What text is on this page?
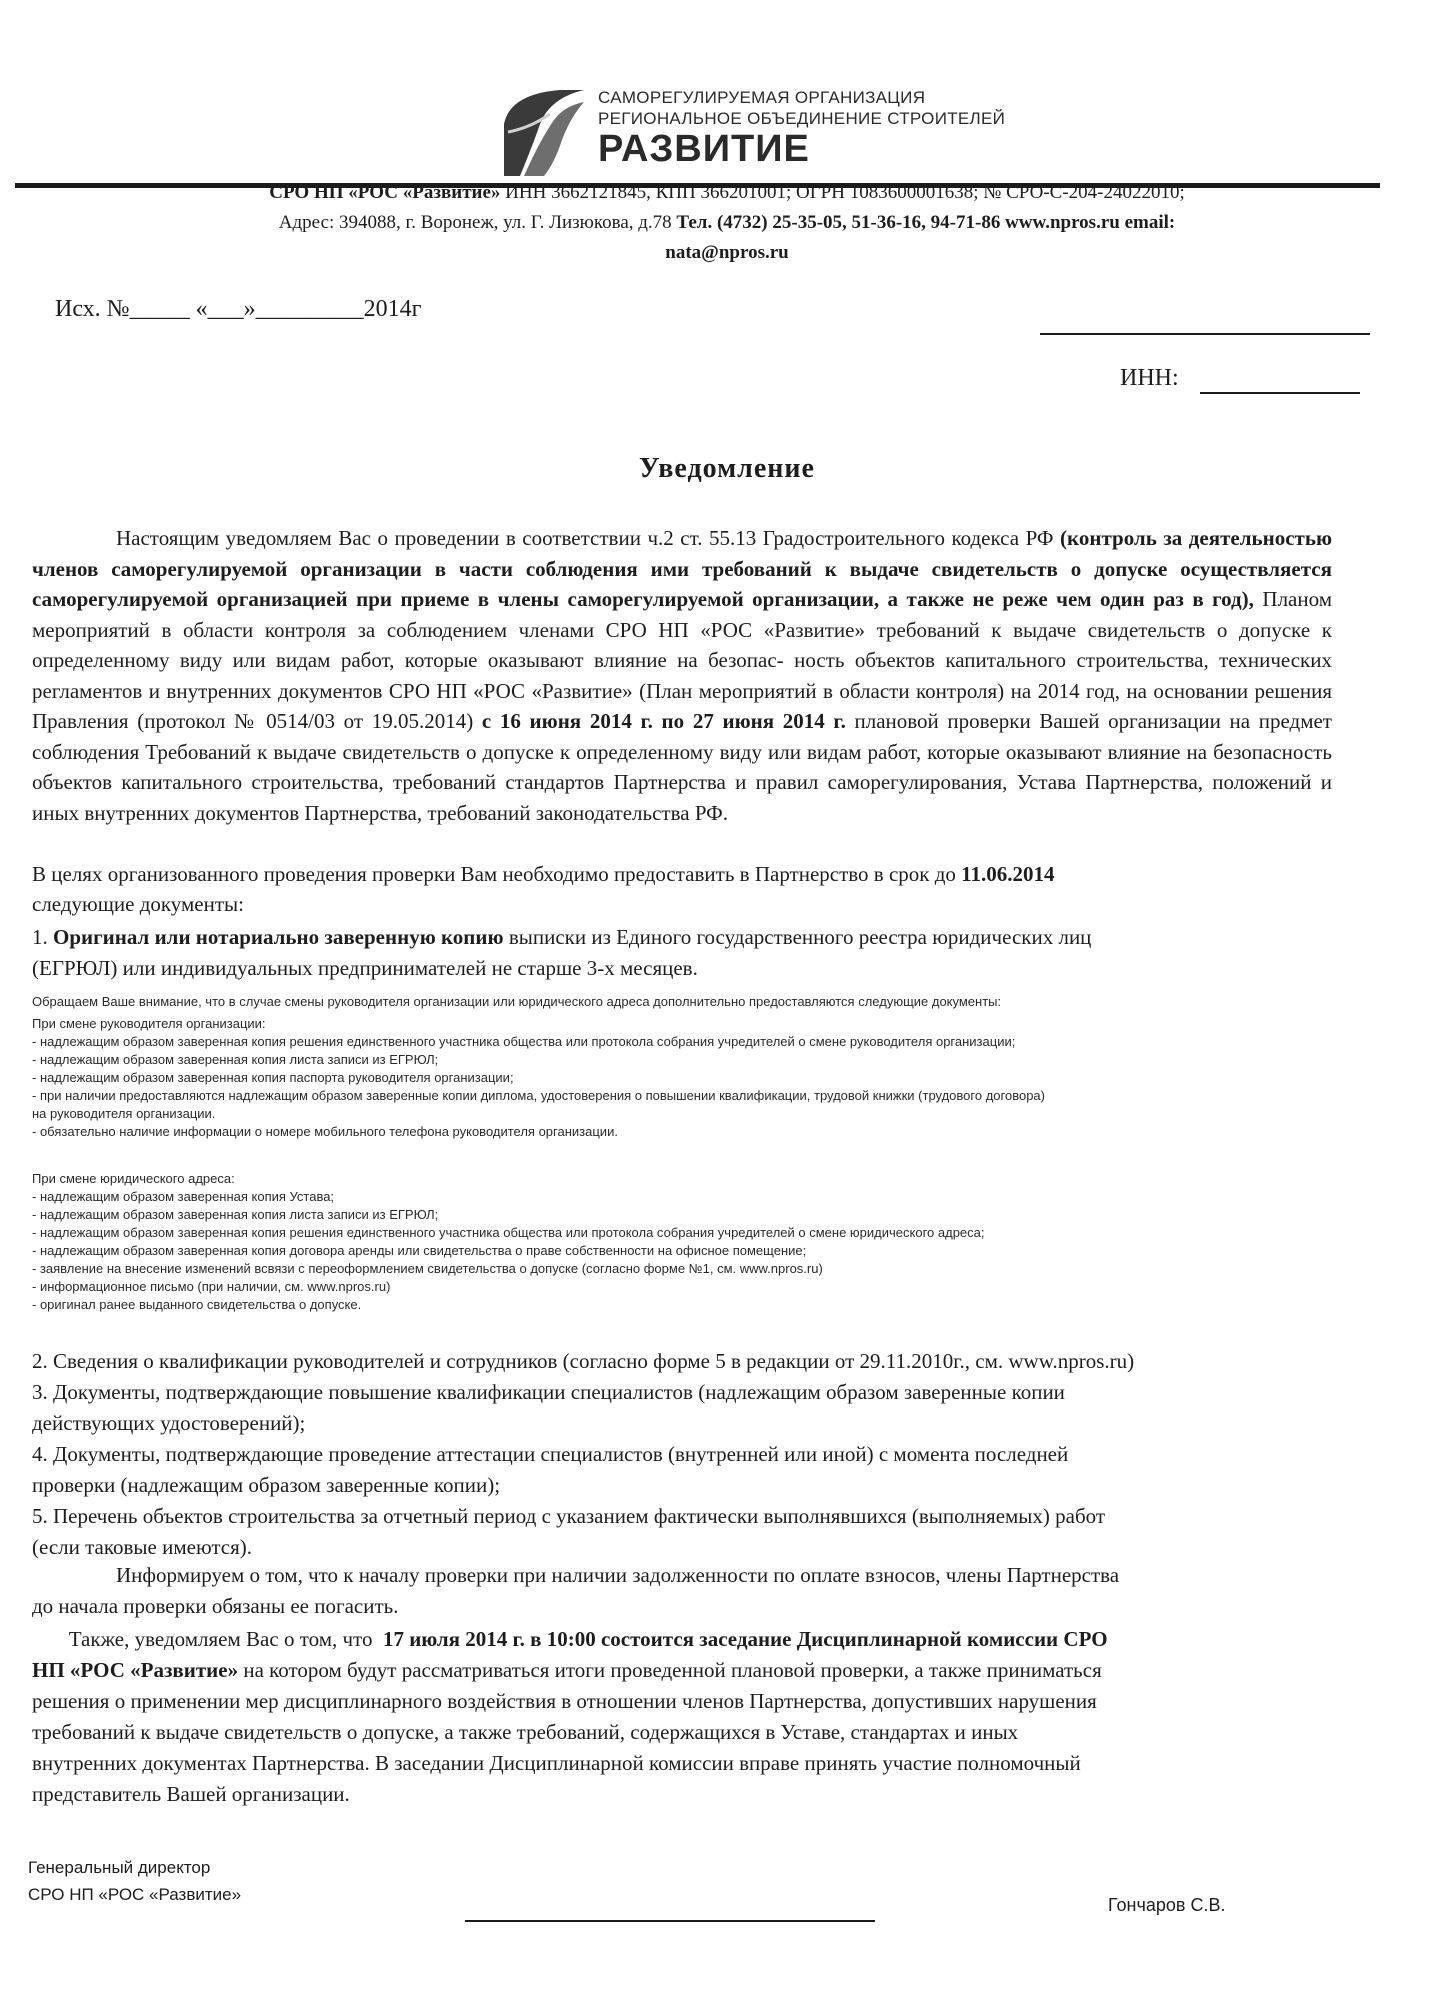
САМОРЕГУЛИРУЕМАЯ ОРГАНИЗАЦИЯ
РЕГИОНАЛЬНОЕ ОБЪЕДИНЕНИЕ СТРОИТЕЛЕЙ
РАЗВИТИЕ
СРО НП «РОС «Развитие» ИНН 3662121845, КПП 366201001; ОГРН 1083600001638; № СРО-С-204-24022010;
Адрес: 394088, г. Воронеж, ул. Г. Лизюкова, д.78 Тел. (4732) 25-35-05, 51-36-16, 94-71-86 www.npros.ru email:
nata@npros.ru
Исх. №_____ «___»_________2014г
ИНН:
Уведомление
Настоящим уведомляем Вас о проведении в соответствии ч.2 ст. 55.13 Градостроительного кодекса РФ (контроль за деятельностью членов саморегулируемой организации в части соблюдения ими требований к выдаче свидетельств о допуске осуществляется саморегулируемой организацией при приеме в члены саморегулируемой организации, а также не реже чем один раз в год), Планом мероприятий в области контроля за соблюдением членами СРО НП «РОС «Развитие» требований к выдаче свидетельств о допуске к определенному виду или видам работ, которые оказывают влияние на безопас- ность объектов капитального строительства, технических регламентов и внутренних документов СРО НП «РОС «Развитие» (План мероприятий в области контроля) на 2014 год, на основании решения Правления (протокол № 0514/03 от 19.05.2014) с 16 июня 2014 г. по 27 июня 2014 г. плановой проверки Вашей организации на предмет соблюдения Требований к выдаче свидетельств о допуске к определенному виду или видам работ, которые оказывают влияние на безопасность объектов капитального строительства, требований стандартов Партнерства и правил саморегулирования, Устава Партнерства, положений и иных внутренних документов Партнерства, требований законодательства РФ.
В целях организованного проведения проверки Вам необходимо предоставить в Партнерство в срок до 11.06.2014
следующие документы:
1. Оригинал или нотариально заверенную копию выписки из Единого государственного реестра юридических лиц
(ЕГРЮЛ) или индивидуальных предпринимателей не старше 3-х месяцев.
Обращаем Ваше внимание, что в случае смены руководителя организации или юридического адреса дополнительно предоставляются следующие документы:
При смене руководителя организации:
- надлежащим образом заверенная копия решения единственного участника общества или протокола собрания учредителей о смене руководителя организации;
- надлежащим образом заверенная копия листа записи из ЕГРЮЛ;
- надлежащим образом заверенная копия паспорта руководителя организации;
- при наличии предоставляются надлежащим образом заверенные копии диплома, удостоверения о повышении квалификации, трудовой книжки (трудового договора)
на руководителя организации.
- обязательно наличие информации о номере мобильного телефона руководителя организации.
При смене юридического адреса:
- надлежащим образом заверенная копия Устава;
- надлежащим образом заверенная копия листа записи из ЕГРЮЛ;
- надлежащим образом заверенная копия решения единственного участника общества или протокола собрания учредителей о смене юридического адреса;
- надлежащим образом заверенная копия договора аренды или свидетельства о праве собственности на офисное помещение;
- заявление на внесение изменений всвязи с переоформлением свидетельства о допуске (согласно форме №1, см. www.npros.ru)
- информационное письмо (при наличии, см. www.npros.ru)
- оригинал ранее выданного свидетельства о допуске.
2. Сведения о квалификации руководителей и сотрудников (согласно форме 5 в редакции от 29.11.2010г., см. www.npros.ru)
3. Документы, подтверждающие повышение квалификации специалистов (надлежащим образом заверенные копии
действующих удостоверений);
4. Документы, подтверждающие проведение аттестации специалистов (внутренней или иной) с момента последней
проверки (надлежащим образом заверенные копии);
5. Перечень объектов строительства за отчетный период с указанием фактически выполнявшихся (выполняемых) работ
(если таковые имеются).
Информируем о том, что к началу проверки при наличии задолженности по оплате взносов, члены Партнерства
до начала проверки обязаны ее погасить.
Также, уведомляем Вас о том, что  17 июля 2014 г. в 10:00 состоится заседание Дисциплинарной комиссии СРО
НП «РОС «Развитие» на котором будут рассматриваться итоги проведенной плановой проверки, а также приниматься
решения о применении мер дисциплинарного воздействия в отношении членов Партнерства, допустивших нарушения
требований к выдаче свидетельств о допуске, а также требований, содержащихся в Уставе, стандартах и иных
внутренних документах Партнерства. В заседании Дисциплинарной комиссии вправе принять участие полномочный
представитель Вашей организации.
Генеральный директор
СРО НП «РОС «Развитие»
Гончаров С.В.
